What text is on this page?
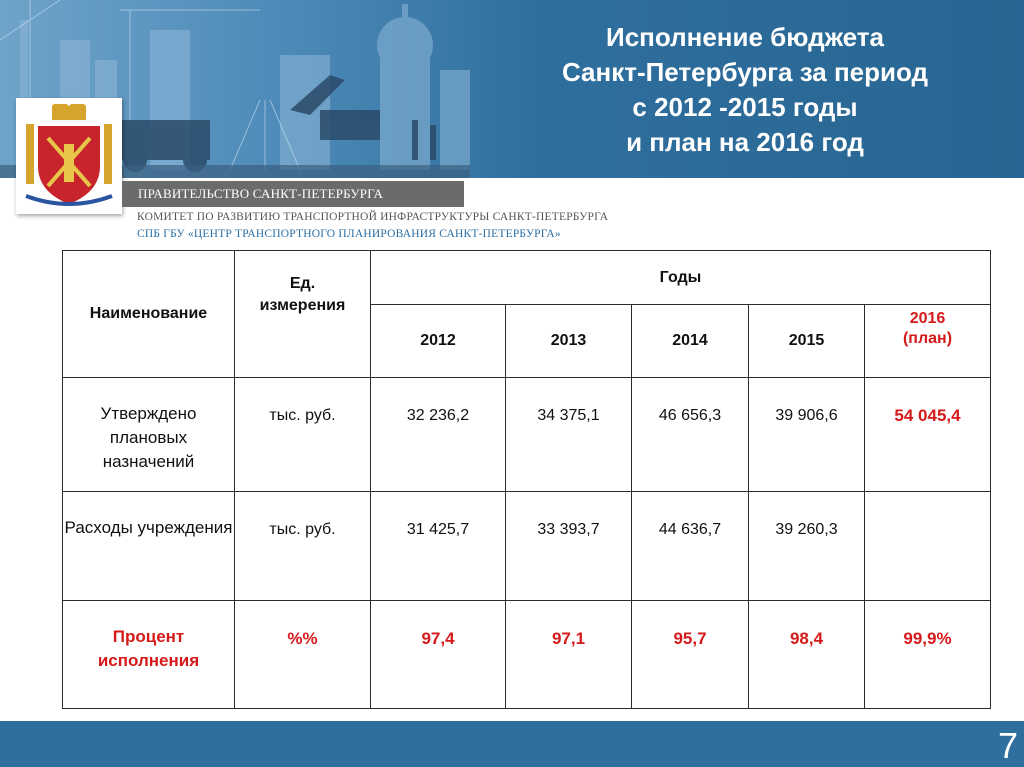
Исполнение бюджета
Санкт-Петербурга за период
с 2012 -2015 годы
и план на 2016 год
ПРАВИТЕЛЬСТВО САНКТ-ПЕТЕРБУРГА
КОМИТЕТ ПО РАЗВИТИЮ ТРАНСПОРТНОЙ ИНФРАСТРУКТУРЫ САНКТ-ПЕТЕРБУРГА
СПБ ГБУ «ЦЕНТР ТРАНСПОРТНОГО ПЛАНИРОВАНИЯ САНКТ-ПЕТЕРБУРГА»
Наименование	Ед. измерения	Годы				
		2012	2013	2014	2015	2016
(план)

Утверждено плановых назначений	тыс. руб.	32 236,2	34 375,1	46 656,3	39 906,6	54 045,4
Расходы учреждения	тыс. руб.	31 425,7	33 393,7	44 636,7	39 260,3	
Процент исполнения	%%	97,4	97,1	95,7	98,4	99,9%
7
